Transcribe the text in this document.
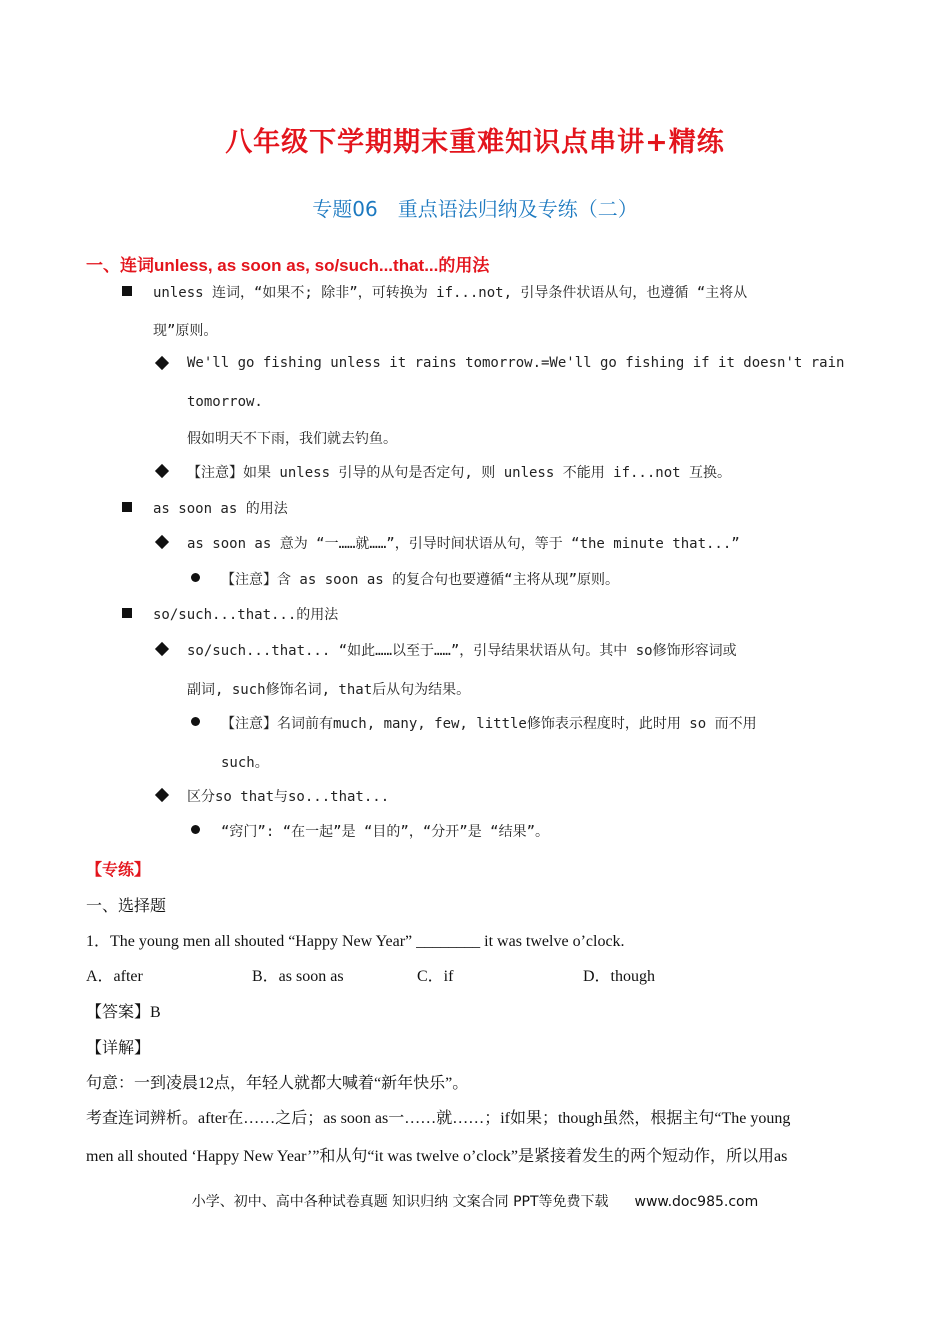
八年级下学期期末重难知识点串讲+精练
专题06　重点语法归纳及专练（二）
一、连词unless, as soon as, so/such...that...的用法
unless 连词，“如果不; 除非”，可转换为 if...not, 引导条件状语从句，也遵循 “主将从
现”原则。
We'll go fishing unless it rains tomorrow.=We'll go fishing if it doesn't rain
tomorrow.
假如明天不下雨，我们就去钓鱼。
【注意】如果 unless 引导的从句是否定句, 则 unless 不能用 if...not 互换。
as soon as 的用法
as soon as 意为 “一……就……”，引导时间状语从句，等于 “the minute that...”
【注意】含 as soon as 的复合句也要遵循“主将从现”原则。
so/such...that...的用法
so/such...that... “如此……以至于……”，引导结果状语从句。其中 so修饰形容词或
副词, such修饰名词, that后从句为结果。
【注意】名词前有much, many, few, little修饰表示程度时，此时用 so 而不用
such。
区分so that与so...that...
“窍门”: “在一起”是 “目的”，“分开”是 “结果”。
【专练】
一、选择题
1．The young men all shouted “Happy New Year” ________ it was twelve o’clock.
A．after	B．as soon as	C．if	D．though
【答案】B
【详解】
句意：一到凌晨12点，年轻人就都大喊着“新年快乐”。
考查连词辨析。after在……之后；as soon as一……就……；if如果；though虽然，根据主句“The young
men all shouted ‘Happy New Year’”和从句“it was twelve o’clock”是紧接着发生的两个短动作，所以用as
小学、初中、高中各种试卷真题 知识归纳 文案合同 PPT等免费下载 www.doc985.com
